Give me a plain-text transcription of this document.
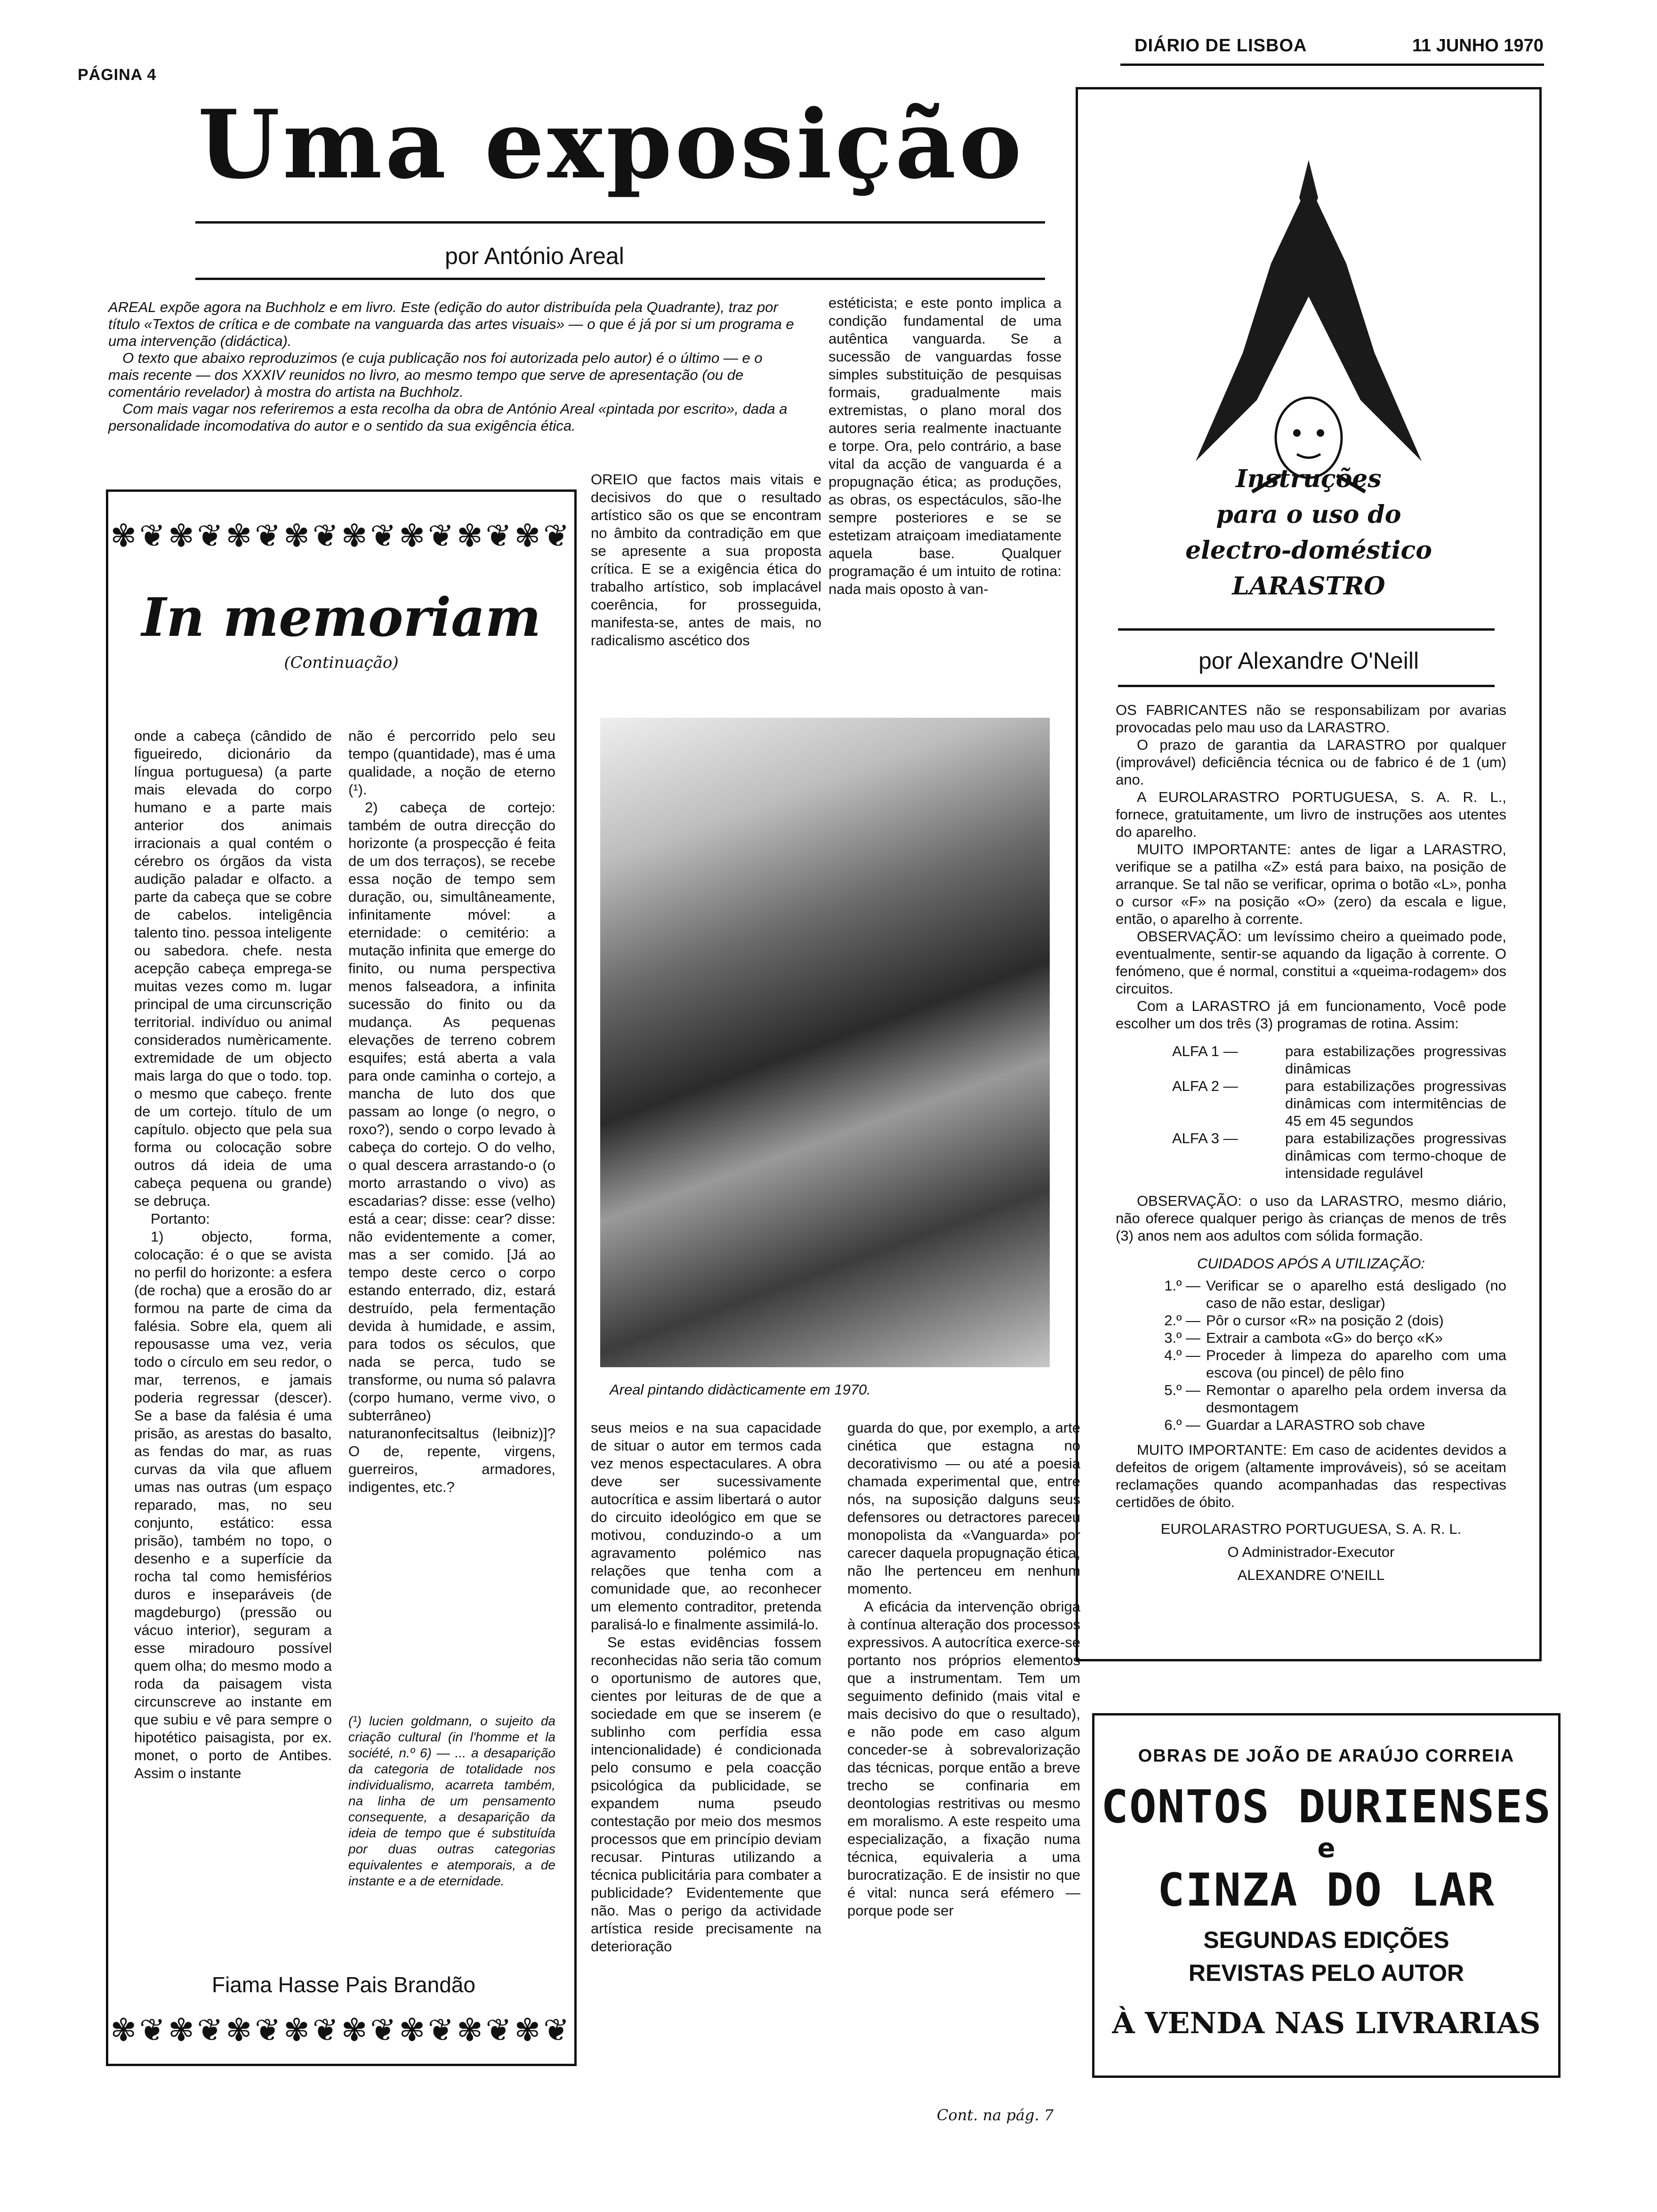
PÁGINA 4
DIÁRIO DE LISBOA	11 JUNHO 1970
Uma exposição
por António Areal

AREAL expõe agora na Buchholz e em livro. Este (edição do autor distribuída pela Quadrante), traz por título «Textos de crítica e de combate na vanguarda das artes visuais» — o que é já por si um programa e uma intervenção (didáctica).

O texto que abaixo reproduzimos (e cuja publicação nos foi autorizada pelo autor) é o último — e o mais recente — dos XXXIV reunidos no livro, ao mesmo tempo que serve de apresentação (ou de comentário revelador) à mostra do artista na Buchholz.

Com mais vagar nos referiremos a esta recolha da obra de António Areal «pintada por escrito», dada a personalidade incomodativa do autor e o sentido da sua exigência ética.

estéticista; e este ponto implica a condição fundamental de uma autêntica vanguarda. Se a sucessão de vanguardas fosse simples substituição de pesquisas formais, gradualmente mais extremistas, o plano moral dos autores seria realmente inactuante e torpe. Ora, pelo contrário, a base vital da acção de vanguarda é a propugnação ética; as produções, as obras, os espectáculos, são-lhe sempre posteriores e se se estetizam atraiçoam imediatamente aquela base. Qualquer programação é um intuito de rotina: nada mais oposto à van-

OREIO que factos mais vitais e decisivos do que o resultado artístico são os que se encontram no âmbito da contradição em que se apresente a sua proposta crítica. E se a exigência ética do trabalho artístico, sob implacável coerência, for prosseguida, manifesta-se, antes de mais, no radicalismo ascético dos

✾❦✾❦✾❦✾❦✾❦✾❦✾❦✾❦
In memoriam
(Continuação)

onde a cabeça (cândido de figueiredo, dicionário da língua portuguesa) (a parte mais elevada do corpo humano e a parte mais anterior dos animais irracionais a qual contém o cérebro os órgãos da vista audição paladar e olfacto. a parte da cabeça que se cobre de cabelos. inteligência talento tino. pessoa inteligente ou sabedora. chefe. nesta acepção cabeça emprega-se muitas vezes como m. lugar principal de uma circunscrição territorial. indivíduo ou animal considerados numèricamente. extremidade de um objecto mais larga do que o todo. top. o mesmo que cabeço. frente de um cortejo. título de um capítulo. objecto que pela sua forma ou colocação sobre outros dá ideia de uma cabeça pequena ou grande) se debruça.

Portanto:

1) objecto, forma, colocação: é o que se avista no perfil do horizonte: a esfera (de rocha) que a erosão do ar formou na parte de cima da falésia. Sobre ela, quem ali repousasse uma vez, veria todo o círculo em seu redor, o mar, terrenos, e jamais poderia regressar (descer). Se a base da falésia é uma prisão, as arestas do basalto, as fendas do mar, as ruas curvas da vila que afluem umas nas outras (um espaço reparado, mas, no seu conjunto, estático: essa prisão), também no topo, o desenho e a superfície da rocha tal como hemisférios duros e inseparáveis (de magdeburgo) (pressão ou vácuo interior), seguram a esse miradouro possível quem olha; do mesmo modo a roda da paisagem vista circunscreve ao instante em que subiu e vê para sempre o hipotético paisagista, por ex. monet, o porto de Antibes. Assim o instante

não é percorrido pelo seu tempo (quantidade), mas é uma qualidade, a noção de eterno (¹).

2) cabeça de cortejo: também de outra direcção do horizonte (a prospecção é feita de um dos terraços), se recebe essa noção de tempo sem duração, ou, simultâneamente, infinitamente móvel: a eternidade: o cemitério: a mutação infinita que emerge do finito, ou numa perspectiva menos falseadora, a infinita sucessão do finito ou da mudança. As pequenas elevações de terreno cobrem esquifes; está aberta a vala para onde caminha o cortejo, a mancha de luto dos que passam ao longe (o negro, o roxo?), sendo o corpo levado à cabeça do cortejo. O do velho, o qual descera arrastando-o (o morto arrastando o vivo) as escadarias? disse: esse (velho) está a cear; disse: cear? disse: não evidentemente a comer, mas a ser comido. [Já ao tempo deste cerco o corpo estando enterrado, diz, estará destruído, pela fermentação devida à humidade, e assim, para todos os séculos, que nada se perca, tudo se transforme, ou numa só palavra (corpo humano, verme vivo, o subterrâneo) naturanonfecitsaltus (leibniz)]? O de, repente, virgens, guerreiros, armadores, indigentes, etc.?

(¹) lucien goldmann, o sujeito da criação cultural (in l'homme et la société, n.º 6) — ... a desaparição da categoria de totalidade nos individualismo, acarreta também, na linha de um pensamento consequente, a desaparição da ideia de tempo que é substituída por duas outras categorias equivalentes e atemporais, a de instante e a de eternidade.
Fiama Hasse Pais Brandão
✾❦✾❦✾❦✾❦✾❦✾❦✾❦✾❦
Areal pintando didàcticamente em 1970.

seus meios e na sua capacidade de situar o autor em termos cada vez menos espectaculares. A obra deve ser sucessivamente autocrítica e assim libertará o autor do circuito ideológico em que se motivou, conduzindo-o a um agravamento polémico nas relações que tenha com a comunidade que, ao reconhecer um elemento contraditor, pretenda paralisá-lo e finalmente assimilá-lo.

Se estas evidências fossem reconhecidas não seria tão comum o oportunismo de autores que, cientes por leituras de de que a sociedade em que se inserem (e sublinho com perfídia essa intencionalidade) é condicionada pelo consumo e pela coacção psicológica da publicidade, se expandem numa pseudo contestação por meio dos mesmos processos que em princípio deviam recusar. Pinturas utilizando a técnica publicitária para combater a publicidade? Evidentemente que não. Mas o perigo da actividade artística reside precisamente na deterioração

guarda do que, por exemplo, a arte cinética que estagna no decorativismo — ou até a poesia chamada experimental que, entre nós, na suposição dalguns seus defensores ou detractores pareceu monopolista da «Vanguarda» por carecer daquela propugnação ética, não lhe pertenceu em nenhum momento.

A eficácia da intervenção obriga à contínua alteração dos processos expressivos. A autocrítica exerce-se portanto nos próprios elementos que a instrumentam. Tem um seguimento definido (mais vital e mais decisivo do que o resultado), e não pode em caso algum conceder-se à sobrevalorização das técnicas, porque então a breve trecho se confinaria em deontologias restritivas ou mesmo em moralismo. A este respeito uma especialização, a fixação numa técnica, equivaleria a uma burocratização. E de insistir no que é vital: nunca será efémero — porque pode ser

Cont. na pág. 7
Instruções
para o uso do
electro-doméstico
LARASTRO
por Alexandre O'Neill

OS FABRICANTES não se responsabilizam por avarias provocadas pelo mau uso da LARASTRO.

O prazo de garantia da LARASTRO por qualquer (improvável) deficiência técnica ou de fabrico é de 1 (um) ano.

A EUROLARASTRO PORTUGUESA, S. A. R. L., fornece, gratuitamente, um livro de instruções aos utentes do aparelho.

MUITO IMPORTANTE: antes de ligar a LARASTRO, verifique se a patilha «Z» está para baixo, na posição de arranque. Se tal não se verificar, oprima o botão «L», ponha o cursor «F» na posição «O» (zero) da escala e ligue, então, o aparelho à corrente.

OBSERVAÇÃO: um levíssimo cheiro a queimado pode, eventualmente, sentir-se aquando da ligação à corrente. O fenómeno, que é normal, constitui a «queima-rodagem» dos circuitos.

Com a LARASTRO já em funcionamento, Você pode escolher um dos três (3) programas de rotina. Assim:

ALFA 1 —	para estabilizações progressivas dinâmicas
ALFA 2 —	para estabilizações progressivas dinâmicas com intermitências de 45 em 45 segundos
ALFA 3 —	para estabilizações progressivas dinâmicas com termo-choque de intensidade regulável

OBSERVAÇÃO: o uso da LARASTRO, mesmo diário, não oferece qualquer perigo às crianças de menos de três (3) anos nem aos adultos com sólida formação.

CUIDADOS APÓS A UTILIZAÇÃO:
1.º — Verificar se o aparelho está desligado (no caso de não estar, desligar)
2.º — Pôr o cursor «R» na posição 2 (dois)
3.º — Extrair a cambota «G» do berço «K»
4.º — Proceder à limpeza do aparelho com uma escova (ou pincel) de pêlo fino
5.º — Remontar o aparelho pela ordem inversa da desmontagem
6.º — Guardar a LARASTRO sob chave

MUITO IMPORTANTE: Em caso de acidentes devidos a defeitos de origem (altamente improváveis), só se aceitam reclamações quando acompanhadas das respectivas certidões de óbito.

EUROLARASTRO PORTUGUESA, S. A. R. L.
O Administrador-Executor
ALEXANDRE O'NEILL
OBRAS DE JOÃO DE ARAÚJO CORREIA
CONTOS DURIENSES
e
CINZA DO LAR
SEGUNDAS EDIÇÕES
REVISTAS PELO AUTOR
À VENDA NAS LIVRARIAS
